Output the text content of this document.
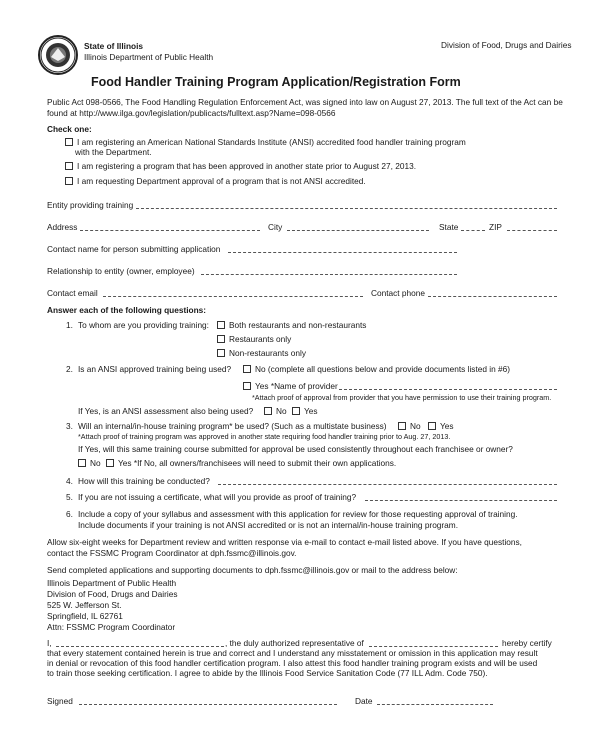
State of Illinois
Illinois Department of Public Health
Division of Food, Drugs and Dairies
Food Handler Training Program Application/Registration Form
Public Act 098-0566, The Food Handling Regulation Enforcement Act, was signed into law on August 27, 2013. The full text of the Act can be
found at http://www.ilga.gov/legislation/publicacts/fulltext.asp?Name=098-0566
Check one:
I am registering an American National Standards Institute (ANSI) accredited food handler training program
with the Department.
I am registering a program that has been approved in another state prior to August 27, 2013.
I am requesting Department approval of a program that is not ANSI accredited.
Entity providing training
Address	City	State	ZIP
Contact name for person submitting application
Relationship to entity (owner, employee)
Contact email	Contact phone
Answer each of the following questions:
1. To whom are you providing training:	Both restaurants and non-restaurants
Restaurants only
Non-restaurants only
2. Is an ANSI approved training being used?	No (complete all questions below and provide documents listed in #6)
Yes *Name of provider
*Attach proof of approval from provider that you have permission to use their training program.
If Yes, is an ANSI assessment also being used?	No	Yes
3. Will an internal/in-house training program* be used? (Such as a multistate business)	No	Yes
*Attach proof of training program was approved in another state requiring food handler training prior to Aug. 27, 2013.
If Yes, will this same training course submitted for approval be used consistently throughout each franchisee or owner?
No	Yes *If No, all owners/franchisees will need to submit their own applications.
4. How will this training be conducted?
5. If you are not issuing a certificate, what will you provide as proof of training?
6. Include a copy of your syllabus and assessment with this application for review for those requesting approval of training.
Include documents if your training is not ANSI accredited or is not an internal/in-house training program.
Allow six-eight weeks for Department review and written response via e-mail to contact e-mail listed above. If you have questions,
contact the FSSMC Program Coordinator at dph.fssmc@illinois.gov.
Send completed applications and supporting documents to dph.fssmc@illinois.gov or mail to the address below:
Illinois Department of Public Health
Division of Food, Drugs and Dairies
525 W. Jefferson St.
Springfield, IL 62761
Attn: FSSMC Program Coordinator
I,	, the duly authorized representative of	hereby certify
that every statement contained herein is true and correct and I understand any misstatement or omission in this application may result
in denial or revocation of this food handler certification program. I also attest this food handler training program exists and will be used
to train those seeking certification. I agree to abide by the Illinois Food Service Sanitation Code (77 ILL Adm. Code 750).
Signed	Date
